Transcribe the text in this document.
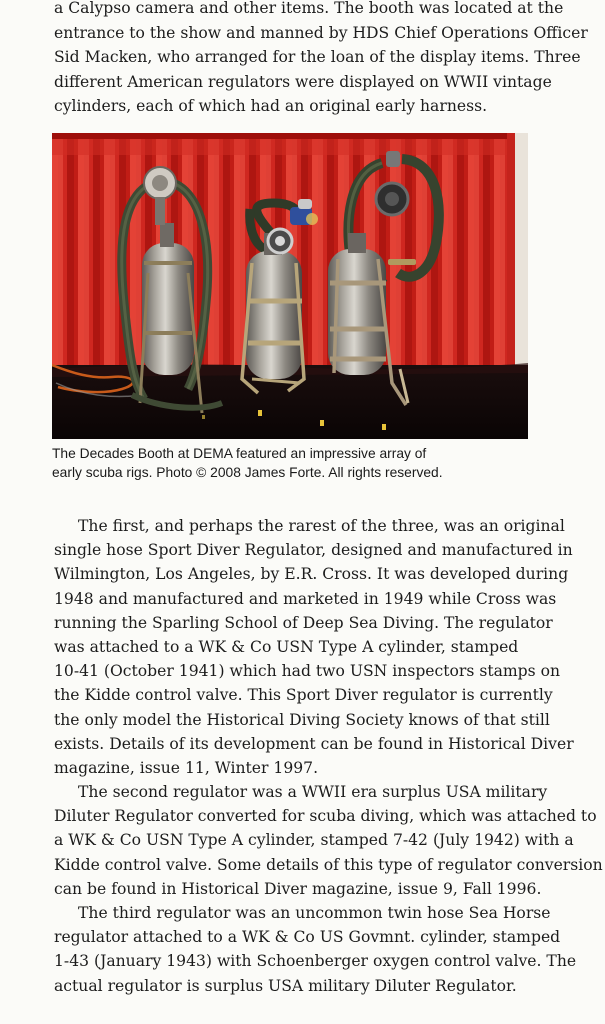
a Calypso camera and other items. The booth was located at the
entrance to the show and manned by HDS Chief Operations Officer
Sid Macken, who arranged for the loan of the display items. Three
different American regulators were displayed on WWII vintage
cylinders, each of which had an original early harness.
The Decades Booth at DEMA featured an impressive array of
early scuba rigs. Photo © 2008 James Forte. All rights reserved.
The first, and perhaps the rarest of the three, was an original
single hose Sport Diver Regulator, designed and manufactured in
Wilmington, Los Angeles, by E.R. Cross. It was developed during
1948 and manufactured and marketed in 1949 while Cross was
running the Sparling School of Deep Sea Diving. The regulator
was attached to a WK & Co USN Type A cylinder, stamped
10-41 (October 1941) which had two USN inspectors stamps on
the Kidde control valve. This Sport Diver regulator is currently
the only model the Historical Diving Society knows of that still
exists. Details of its development can be found in Historical Diver
magazine, issue 11, Winter 1997.
The second regulator was a WWII era surplus USA military
Diluter Regulator converted for scuba diving, which was attached to
a WK & Co USN Type A cylinder, stamped 7-42 (July 1942) with a
Kidde control valve. Some details of this type of regulator conversion
can be found in Historical Diver magazine, issue 9, Fall 1996.
The third regulator was an uncommon twin hose Sea Horse
regulator attached to a WK & Co US Govmnt. cylinder, stamped
1-43 (January 1943) with Schoenberger oxygen control valve. The
actual regulator is surplus USA military Diluter Regulator.
